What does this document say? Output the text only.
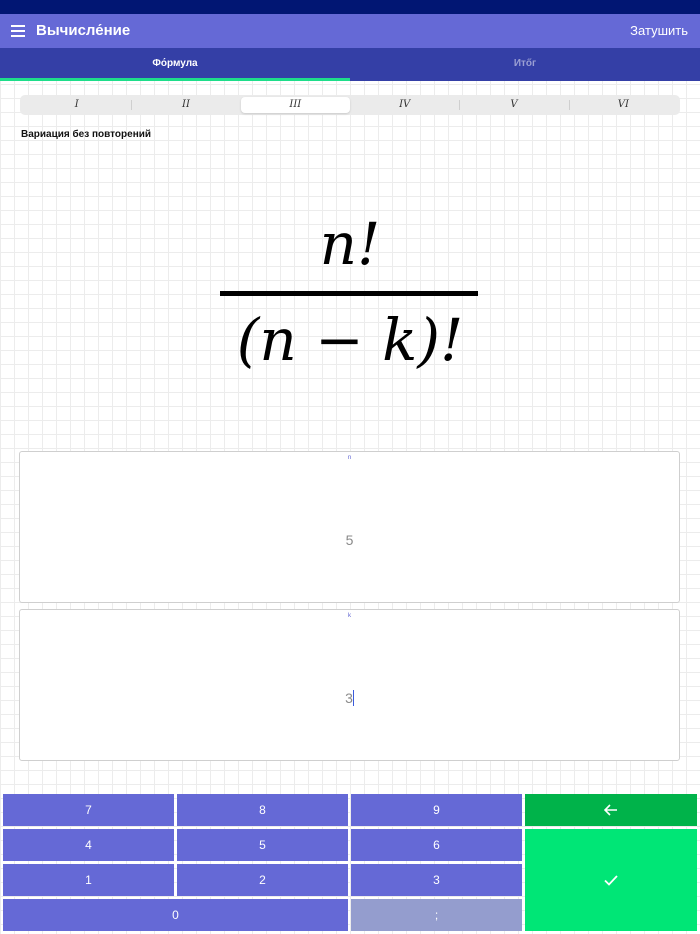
Вычисле́ние	Затушить
Фо́рмула	Итőг
I	II	III	IV	V	VI
Вариация без повторений
n!
(n − k)!
n
5
k
3
7	8	9
4	5	6
1	2	3
0	;
